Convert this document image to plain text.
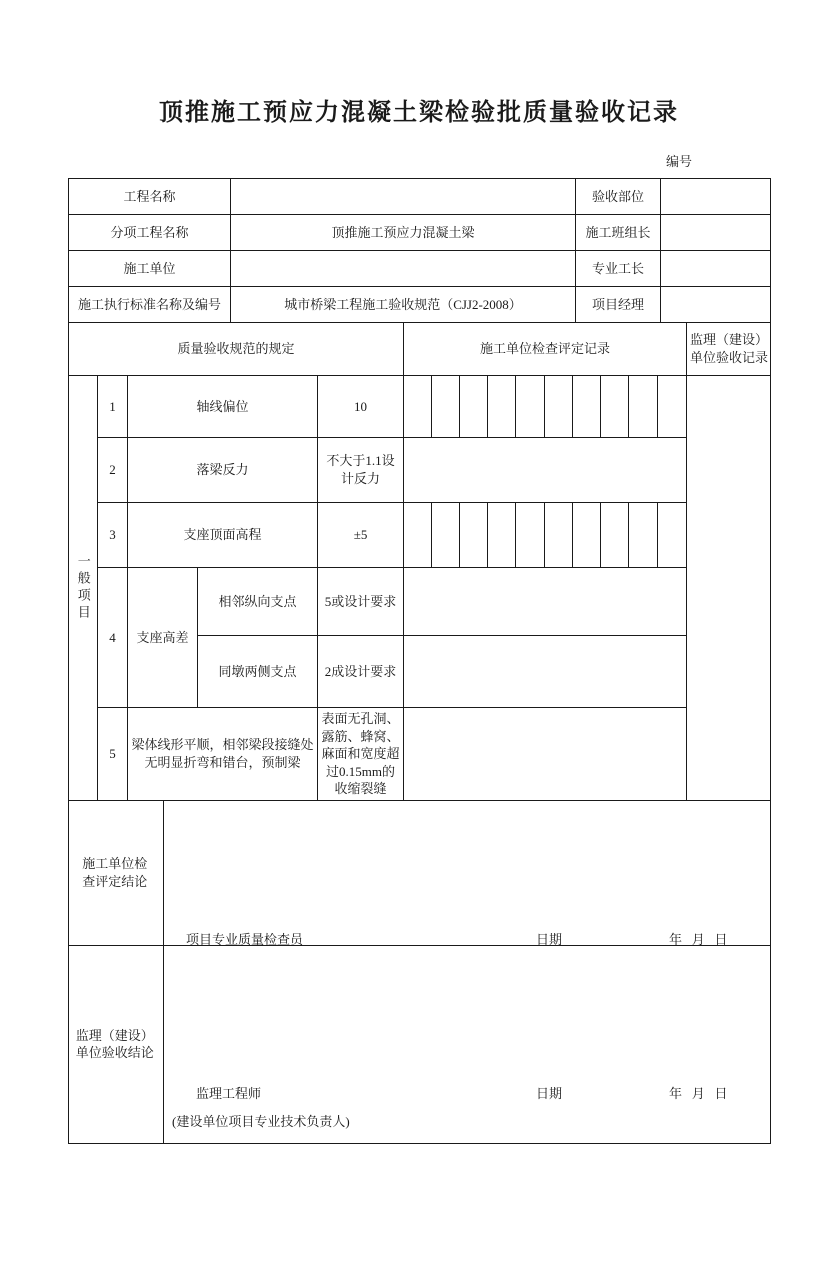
顶推施工预应力混凝土梁检验批质量验收记录
编号
工程名称		验收部位	
分项工程名称	顶推施工预应力混凝土梁	施工班组长	
施工单位		专业工长	
施工执行标准名称及编号	城市桥梁工程施工验收规范（CJJ2-2008）	项目经理	
质量验收规范的规定	施工单位检查评定记录	监理（建设）单位验收记录
一般项目	1	轴线偏位		10											
	2	落梁反力		不大于1.1设计反力											
	3	支座顶面高程		±5											
	4	支座高差	相邻纵向支点	5或设计要求											
			同墩两侧支点	2成设计要求											
	5	梁体线形平顺，相邻梁段接缝处无明显折弯和错台，预制梁		表面无孔洞、露筋、蜂窝、麻面和宽度超过0.15mm的收缩裂缝											
施工单位检查评定结论	
项目专业质量检查员	日期	年   月   日
监理（建设）单位验收结论	
监理工程师	日期	年   月   日
(建设单位项目专业技术负责人)
